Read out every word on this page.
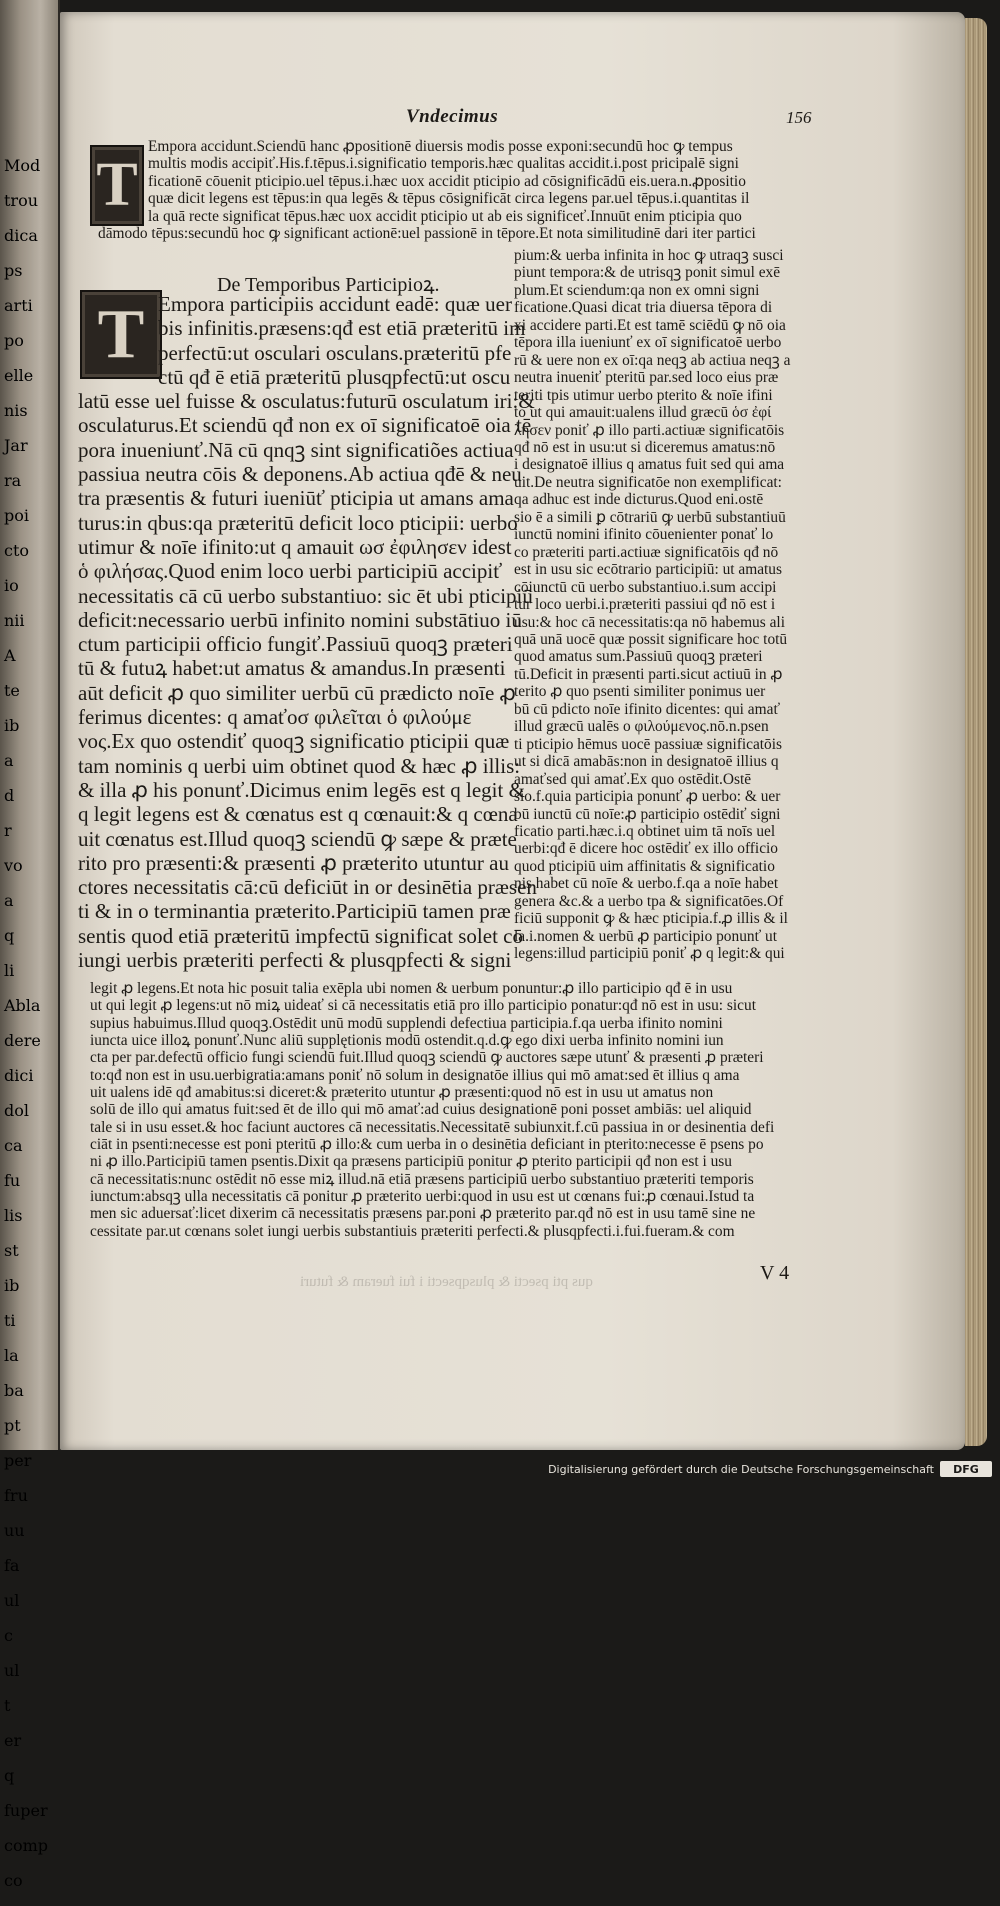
Mod

trou

dica

ps

arti

po

elle

nis

Jar

ra

poi

cto

io

nii

A

te

ib

a

d

r

vo

a

q

li

Abla

dere

dici

dol

ca

fu

lis

st

ib

ti

la

ba

pt

per

fru

uu

fa

ul

c

ul

t

er

q

fuper

comp

co

Vndecimus	156
T

Empora accidunt.Sciendū hanc ꝓpositionē diuersis modis posse exponi:secundū hoc ꝙ tempus

multis modis accipiť.His.f.tēpus.i.significatio temporis.hæc qualitas accidit.i.post pricipalē signi

ficationē cōuenit pticipio.uel tēpus.i.hæc uox accidit pticipio ad cōsignificādū eis.uera.n.ꝓpositio

quæ dicit legens est tēpus:in qua legēs & tēpus cōsignificāt circa legens par.uel tēpus.i.quantitas il

la quā recte significat tēpus.hæc uox accidit pticipio ut ab eis significeť.Innuūt enim pticipia quo

dāmodo tēpus:secundū hoc ꝙ significant actionē:uel passionē in tēpore.Et nota similitudinē dari iter partici

De Temporibus Participioꝝ.
T Empora participiis accidunt eadē: quæ uer

bis infinitis.præsens:qđ est etiā præteritū im

perfectū:ut osculari osculans.præteritū pfe

ctū qđ ē etiā præteritū plusqpfectū:ut oscu

latū esse uel fuisse & osculatus:futurū osculatum iri:&

osculaturus.Et sciendū qđ non ex oī significatoē oia tē

pora inueniunť.Nā cū qnqꝫ sint significatiões actiua

passiua neutra cōis & deponens.Ab actiua qđē & neu

tra præsentis & futuri iueniūť pticipia ut amans ama

turus:in qbus:qa præteritū deficit loco pticipii: uerbo

utimur & noīe ifinito:ut q amauit ωσ ἐφιλησεν idest

ὁ φιλήσας.Quod enim loco uerbi participiū accipiť

necessitatis cā cū uerbo substantiuo: sic ēt ubi pticipiū

deficit:necessario uerbū infinito nomini substātiuo iū

ctum participii officio fungiť.Passiuū quoqꝫ præteri

tū & futuꝝ habet:ut amatus & amandus.In præsenti

aūt deficit ꝓ quo similiter uerbū cū prædicto noīe ꝓ

ferimus dicentes: q amaťοσ φιλεῖται ὁ φιλούμε

νος.Ex quo ostendiť quoqꝫ significatio pticipii quæ

tam nominis q uerbi uim obtinet quod & hæc ꝓ illis:

& illa ꝓ his ponunť.Dicimus enim legēs est q legit &

q legit legens est & cœnatus est q cœnauit:& q cœna

uit cœnatus est.Illud quoqꝫ sciendū ꝙ sæpe & præte

rito pro præsenti:& præsenti ꝓ præterito utuntur au

ctores necessitatis cā:cū deficiūt in or desinētia præsen

ti & in o terminantia præterito.Participiū tamen præ

sentis quod etiā præteritū impfectū significat solet cō

iungi uerbis præteriti perfecti & plusqpfecti & signi

pium:& uerba infinita in hoc ꝙ utraqꝫ susci

piunt tempora:& de utrisqꝫ ponit simul exē

plum.Et sciendum:qa non ex omni signi

ficatione.Quasi dicat tria diuersa tēpora di

xi accidere parti.Et est tamē sciēdū ꝙ nō oia

tēpora illa iueniunť ex oī significatoē uerbo

rū & uere non ex oī:qa neqꝫ ab actiua neqꝫ a

neutra inueniť pteritū par.sed loco eius præ

teriti tpis utimur uerbo pterito & noīe ifini

to ut qui amauit:ualens illud græcū ὁσ ἐφί

λησεν poniť ꝓ illo parti.actiuæ significatōis

qđ nō est in usu:ut si diceremus amatus:nō

i designatoē illius q amatus fuit sed qui ama

uit.De neutra significatōe non exemplificat:

qa adhuc est inde dicturus.Quod eni.ostē

sio ē a simili ꝑ cōtrariū ꝙ uerbū substantiuū

iunctū nomini ifinito cōuenienter ponať lo

co præteriti parti.actiuæ significatōis qđ nō

est in usu sic ecōtrario participiū: ut amatus

cōiunctū cū uerbo substantiuo.i.sum accipi

tur loco uerbi.i.præteriti passiui qđ nō est i

usu:& hoc cā necessitatis:qa nō habemus ali

quā unā uocē quæ possit significare hoc totū

quod amatus sum.Passiuū quoqꝫ præteri

tū.Deficit in præsenti parti.sicut actiuū in ꝓ

terito ꝓ quo psenti similiter ponimus uer

bū cū pdicto noīe ifinito dicentes: qui amať

illud græcū ualēs ο φιλούμενος.nō.n.psen

ti pticipio hēmus uocē passiuæ significatōis

ut si dicā amabās:non in designatoē illius q

amaťsed qui amať.Ex quo ostēdit.Ostē

sio.f.quia participia ponunť ꝓ uerbo: & uer

bū iunctū cū noīe:ꝓ participio ostēdiť signi

ficatio parti.hæc.i.q obtinet uim tā noīs uel

uerbi:qđ ē dicere hoc ostēdiť ex illo officio

quod pticipiū uim affinitatis & significatio

nis habet cū noīe & uerbo.f.qa a noīe habet

genera &c.& a uerbo tpa & significatōes.Of

ficiū supponit ꝙ & hæc pticipia.f.ꝓ illis & il

la.i.nomen & uerbū ꝓ participio ponunť ut

legens:illud participiū poniť ꝓ q legit:& qui

legit ꝓ legens.Et nota hic posuit talia exēpla ubi nomen & uerbum ponuntur:ꝓ illo participio qđ ē in usu

ut qui legit ꝓ legens:ut nō miꝝ uideať si cā necessitatis etiā pro illo participio ponatur:qđ nō est in usu: sicut

supius habuimus.Illud quoqꝫ.Ostēdit unū modū supplendi defectiua participia.f.qa uerba ifinito nomini

iuncta uice illoꝝ ponunť.Nunc aliū supplętionis modū ostendit.q.d.ꝙ ego dixi uerba infinito nomini iun

cta per par.defectū officio fungi sciendū fuit.Illud quoqꝫ sciendū ꝙ auctores sæpe utunť & præsenti ꝓ præteri

to:qđ non est in usu.uerbigratia:amans poniť nō solum in designatōe illius qui mō amat:sed ēt illius q ama

uit ualens idē qđ amabitus:si diceret:& præterito utuntur ꝓ præsenti:quod nō est in usu ut amatus non

solū de illo qui amatus fuit:sed ēt de illo qui mō amať:ad cuius designationē poni posset ambiās: uel aliquid

tale si in usu esset.& hoc faciunt auctores cā necessitatis.Necessitatē subiunxit.f.cū passiua in or desinentia defi

ciāt in psenti:necesse est poni pteritū ꝓ illo:& cum uerba in o desinētia deficiant in pterito:necesse ē psens po

ni ꝓ illo.Participiū tamen psentis.Dixit qa præsens participiū ponitur ꝓ pterito participii qđ non est i usu

cā necessitatis:nunc ostēdit nō esse miꝝ illud.nā etiā præsens participiū uerbo substantiuo præteriti temporis

iunctum:absqꝫ ulla necessitatis cā ponitur ꝓ præterito uerbi:quod in usu est ut cœnans fui:ꝓ cœnaui.Istud ta

men sic aduersať:licet dixerim cā necessitatis præsens par.poni ꝓ præterito par.qđ nō est in usu tamē sine ne

cessitate par.ut cœnans solet iungi uerbis substantiuis præteriti perfecti.& plusqpfecti.i.fui.fueram.& com

V 4
qus pti psecti & plusqpsecti i fui fueram & futuri
Digitalisierung gefördert durch die Deutsche Forschungsgemeinschaft	DFG
